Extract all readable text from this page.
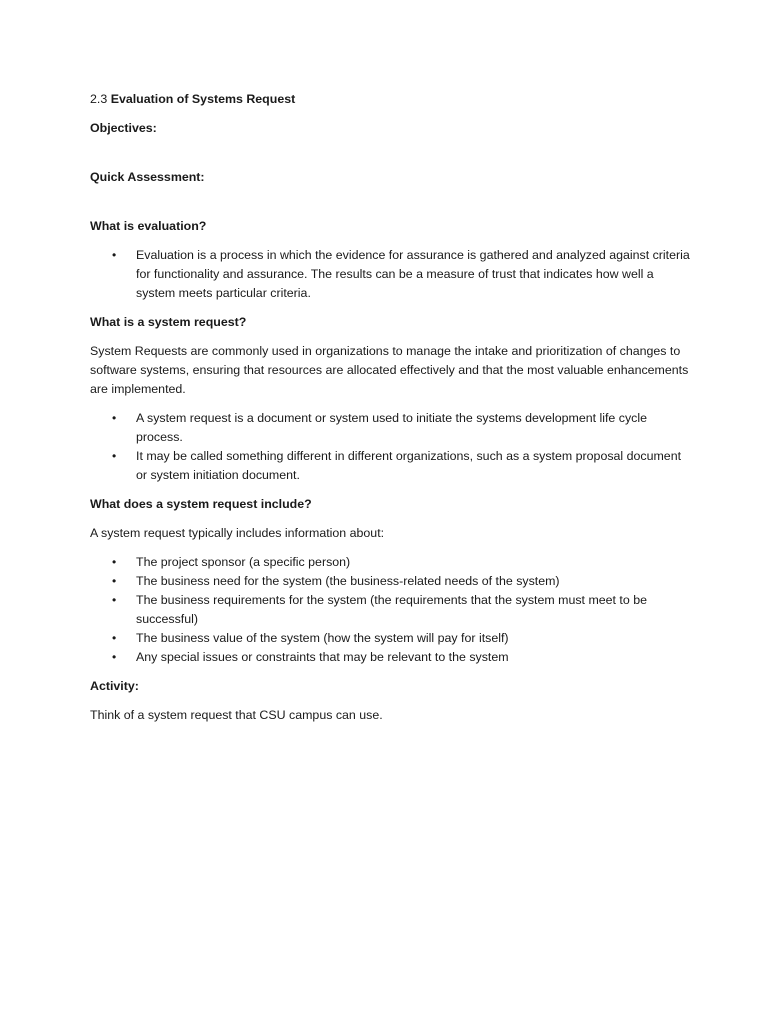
2.3 Evaluation of Systems Request
Objectives:
Quick Assessment:
What is evaluation?
• Evaluation is a process in which the evidence for assurance is gathered and analyzed against criteria for functionality and assurance. The results can be a measure of trust that indicates how well a system meets particular criteria.
What is a system request?

System Requests are commonly used in organizations to manage the intake and prioritization of changes to software systems, ensuring that resources are allocated effectively and that the most valuable enhancements are implemented.

• A system request is a document or system used to initiate the systems development life cycle process.
• It may be called something different in different organizations, such as a system proposal document or system initiation document.
What does a system request include?

A system request typically includes information about:

• The project sponsor (a specific person)
• The business need for the system (the business-related needs of the system)
• The business requirements for the system (the requirements that the system must meet to be successful)
• The business value of the system (how the system will pay for itself)
• Any special issues or constraints that may be relevant to the system
Activity:

Think of a system request that CSU campus can use.
